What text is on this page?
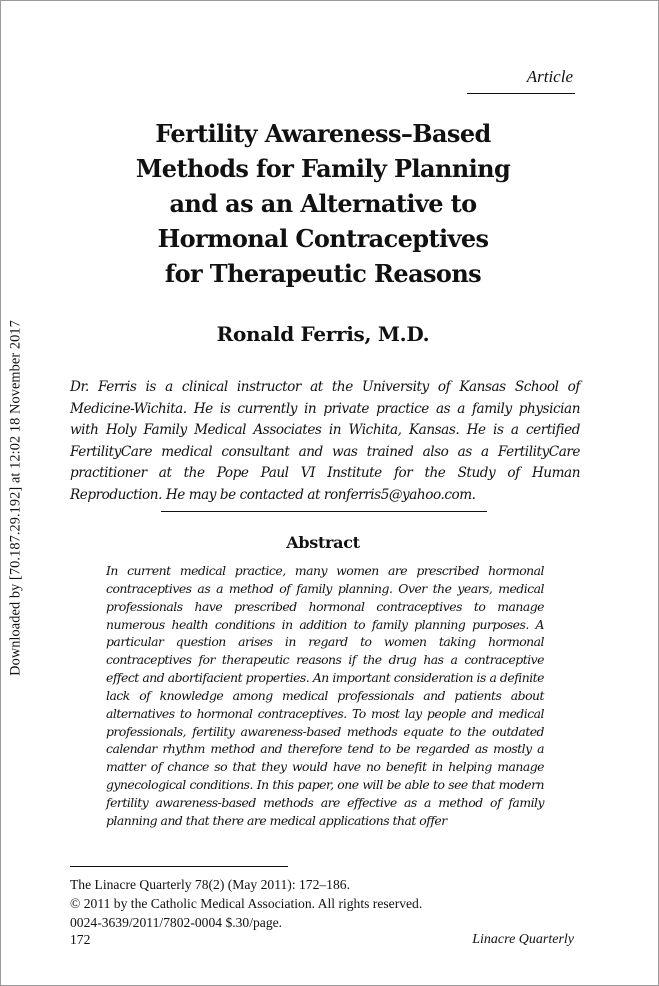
Downloaded by [70.187.29.192] at 12:02 18 November 2017
Article
Fertility Awareness–Based
Methods for Family Planning
and as an Alternative to
Hormonal Contraceptives
for Therapeutic Reasons
Ronald Ferris, M.D.

Dr. Ferris is a clinical instructor at the University of Kansas School of Medicine-Wichita. He is currently in private practice as a family physician with Holy Family Medical Associates in Wichita, Kansas. He is a certified FertilityCare medical consultant and was trained also as a FertilityCare practitioner at the Pope Paul VI Institute for the Study of Human Reproduction. He may be contacted at ronferris5@yahoo.com.

Abstract

In current medical practice, many women are prescribed hormonal contraceptives as a method of family planning. Over the years, medical professionals have prescribed hormonal contraceptives to manage numerous health conditions in addition to family planning purposes. A particular question arises in regard to women taking hormonal contraceptives for therapeutic reasons if the drug has a contraceptive effect and abortifacient properties. An important consideration is a definite lack of knowledge among medical professionals and patients about alternatives to hormonal contraceptives. To most lay people and medical professionals, fertility awareness-based methods equate to the outdated calendar rhythm method and therefore tend to be regarded as mostly a matter of chance so that they would have no benefit in helping manage gynecological conditions. In this paper, one will be able to see that modern fertility awareness-based methods are effective as a method of family planning and that there are medical applications that offer

The Linacre Quarterly 78(2) (May 2011): 172–186.
© 2011 by the Catholic Medical Association. All rights reserved.
0024-3639/2011/7802-0004 $.30/page.
172	Linacre Quarterly
